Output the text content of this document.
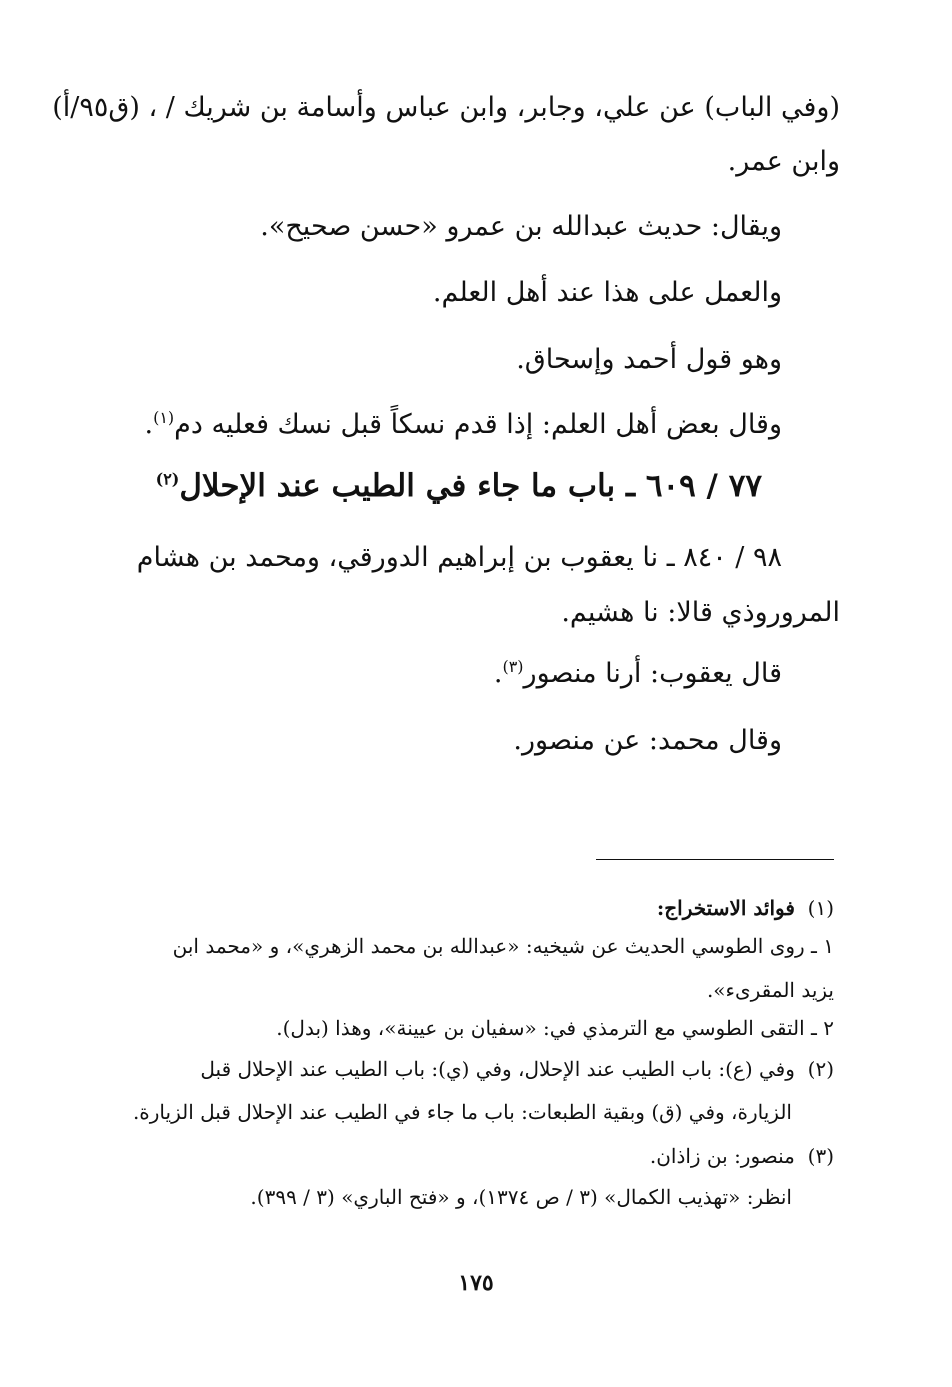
(وفي الباب) عن علي، وجابر، وابن عباس وأسامة بن شريك / ، (ق٩٥/أ)
وابن عمر.
ويقال: حديث عبدالله بن عمرو «حسن صحيح».
والعمل على هذا عند أهل العلم.
وهو قول أحمد وإسحاق.
وقال بعض أهل العلم: إذا قدم نسكاً قبل نسك فعليه دم$^{(١)}$.
٧٧ / ٦٠٩ ـ باب ما جاء في الطيب عند الإحلال$^{(٢)}$
٩٨ / ٨٤٠ ـ نا يعقوب بن إبراهيم الدورقي، ومحمد بن هشام
المروروذي قالا: نا هشيم.
قال يعقوب: أرنا منصور$^{(٣)}$.
وقال محمد: عن منصور.
(١)  فوائد الاستخراج:
١ ـ روى الطوسي الحديث عن شيخيه: «عبدالله بن محمد الزهري»، و «محمد ابن
يزيد المقرىء».
٢ ـ التقى الطوسي مع الترمذي في: «سفيان بن عيينة»، وهذا (بدل).
(٢)  وفي (ع): باب الطيب عند الإحلال، وفي (ي): باب الطيب عند الإحلال قبل
الزيارة، وفي (ق) وبقية الطبعات: باب ما جاء في الطيب عند الإحلال قبل الزيارة.
(٣)  منصور: بن زاذان.
انظر: «تهذيب الكمال» (٣ / ص ١٣٧٤)، و «فتح الباري» (٣ / ٣٩٩).
١٧٥
